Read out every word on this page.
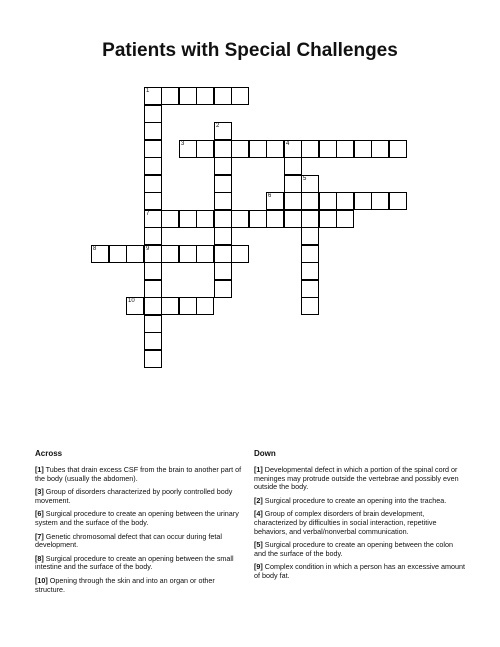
Patients with Special Challenges
1
7
9
2
3	4
5
6
8
10
Across	Down
[1] Tubes that drain excess CSF from the brain to another part of the body (usually the abdomen).
[3] Group of disorders characterized by poorly controlled body movement.
[6] Surgical procedure to create an opening between the urinary system and the surface of the body.
[7] Genetic chromosomal defect that can occur during fetal development.
[8] Surgical procedure to create an opening between the small intestine and the surface of the body.
[10] Opening through the skin and into an organ or other structure.
[1] Developmental defect in which a portion of the spinal cord or meninges may protrude outside the vertebrae and possibly even outside the body.
[2] Surgical procedure to create an opening into the trachea.
[4] Group of complex disorders of brain development, characterized by difficulties in social interaction, repetitive behaviors, and verbal/nonverbal communication.
[5] Surgical procedure to create an opening between the colon and the surface of the body.
[9] Complex condition in which a person has an excessive amount of body fat.
